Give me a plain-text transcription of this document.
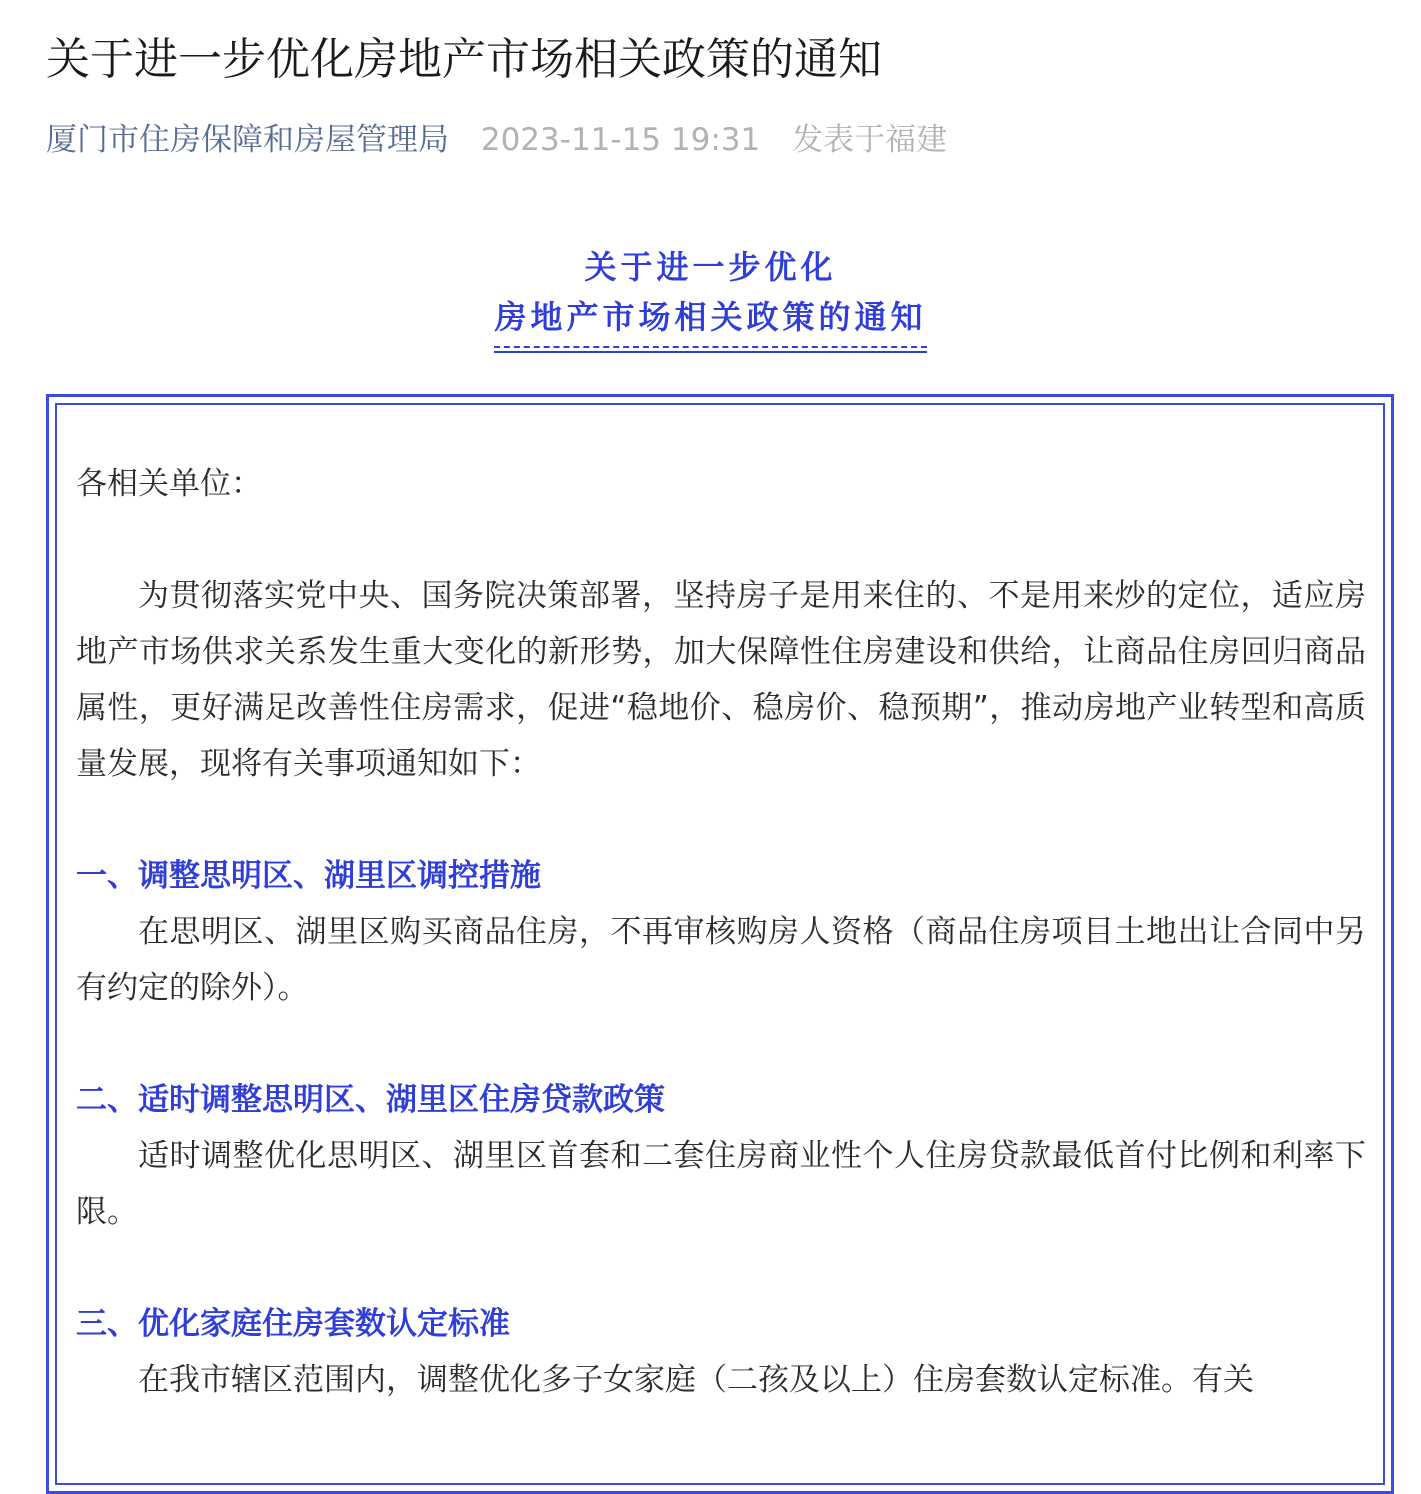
关于进一步优化房地产市场相关政策的通知
厦门市住房保障和房屋管理局 2023-11-15 19:31 发表于福建
关于进一步优化
房地产市场相关政策的通知

各相关单位：

为贯彻落实党中央、国务院决策部署，坚持房子是用来住的、不是用来炒的定位，适应房地产市场供求关系发生重大变化的新形势，加大保障性住房建设和供给，让商品住房回归商品属性，更好满足改善性住房需求，促进“稳地价、稳房价、稳预期”，推动房地产业转型和高质量发展，现将有关事项通知如下：

一、调整思明区、湖里区调控措施

在思明区、湖里区购买商品住房，不再审核购房人资格（商品住房项目土地出让合同中另有约定的除外）。

二、适时调整思明区、湖里区住房贷款政策

适时调整优化思明区、湖里区首套和二套住房商业性个人住房贷款最低首付比例和利率下限。

三、优化家庭住房套数认定标准

在我市辖区范围内，调整优化多子女家庭（二孩及以上）住房套数认定标准。有关
